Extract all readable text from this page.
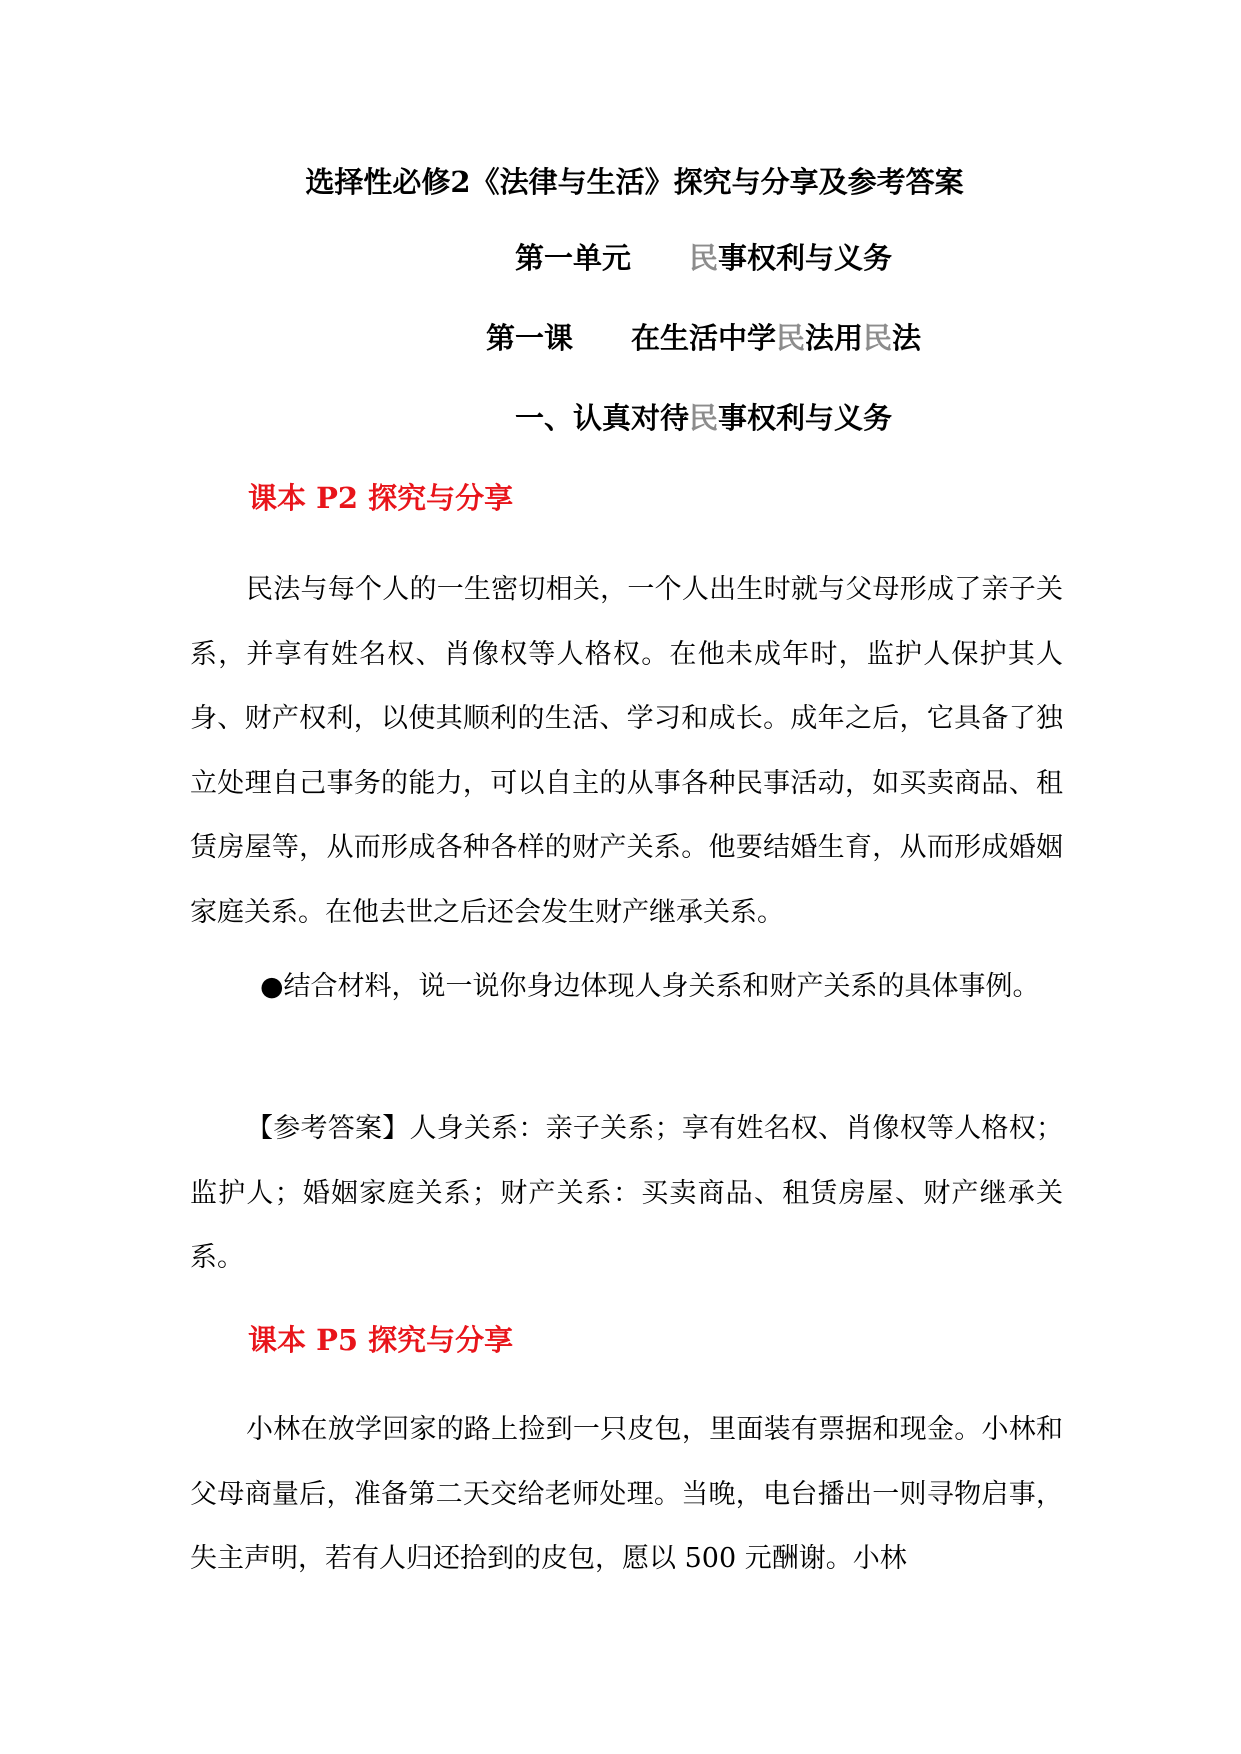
选择性必修2《法律与生活》探究与分享及参考答案
第一单元 民事权利与义务
第一课 在生活中学民法用民法
一、认真对待民事权利与义务
课本 P2 探究与分享

民法与每个人的一生密切相关，一个人出生时就与父母形成了亲子关系，并享有姓名权、肖像权等人格权。在他未成年时，监护人保护其人身、财产权利，以使其顺利的生活、学习和成长。成年之后，它具备了独立处理自己事务的能力，可以自主的从事各种民事活动，如买卖商品、租赁房屋等，从而形成各种各样的财产关系。他要结婚生育，从而形成婚姻家庭关系。在他去世之后还会发生财产继承关系。

●结合材料，说一说你身边体现人身关系和财产关系的具体事例。

【参考答案】人身关系：亲子关系；享有姓名权、肖像权等人格权；监护人；婚姻家庭关系；财产关系：买卖商品、租赁房屋、财产继承关系。

课本 P5 探究与分享

小林在放学回家的路上捡到一只皮包，里面装有票据和现金。小林和父母商量后，准备第二天交给老师处理。当晚，电台播出一则寻物启事，失主声明，若有人归还拾到的皮包，愿以 500 元酬谢。小林
